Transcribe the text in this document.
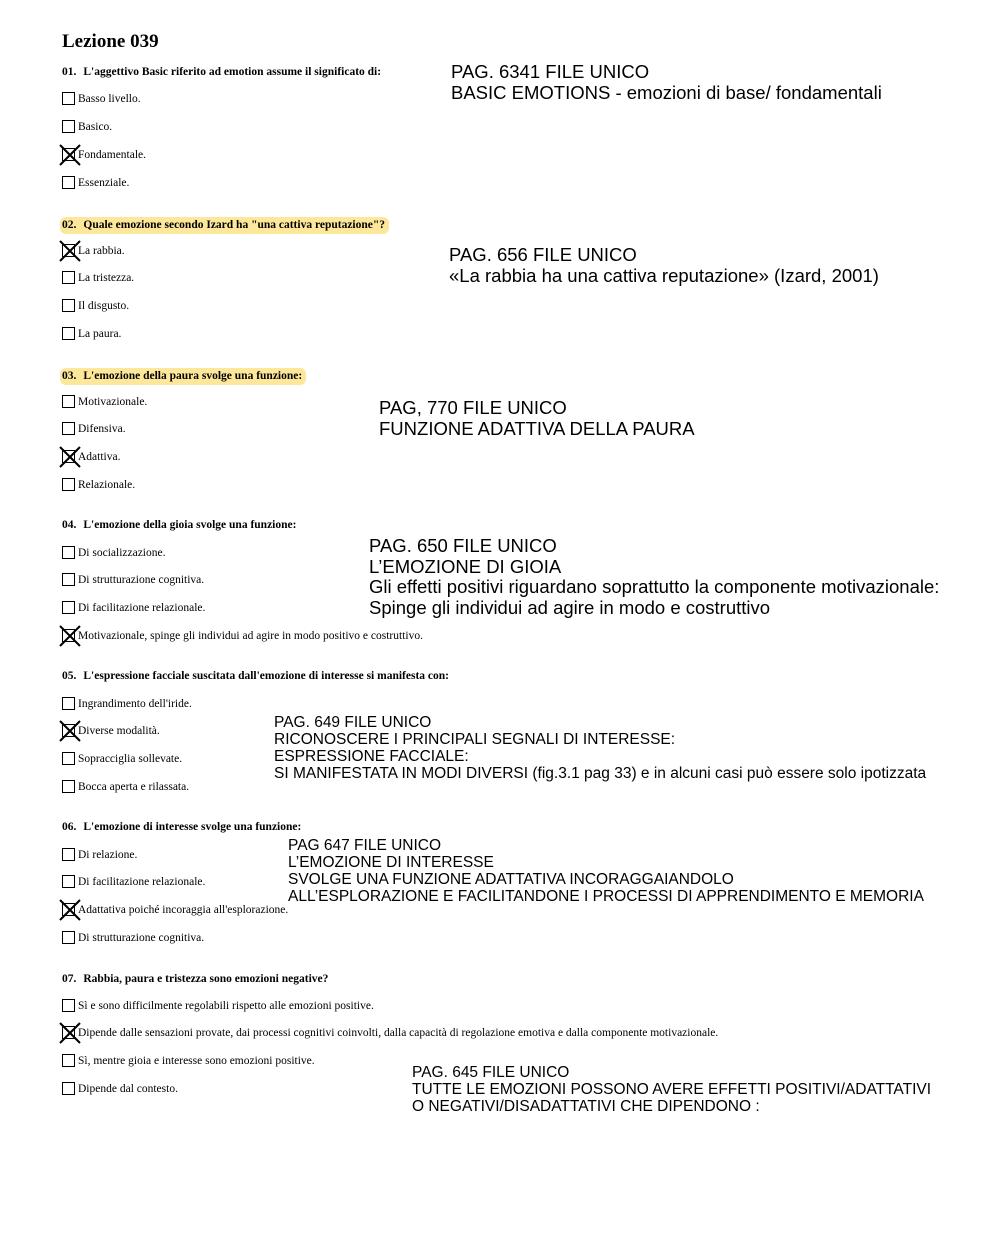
Lezione 039
01. L'aggettivo Basic riferito ad emotion assume il significato di:
Basso livello.
Basico.
Fondamentale.
Essenziale.
PAG. 6341 FILE UNICO
BASIC EMOTIONS - emozioni di base/ fondamentali
02. Quale emozione secondo Izard ha "una cattiva reputazione"?
La rabbia.
La tristezza.
Il disgusto.
La paura.
PAG. 656 FILE UNICO
«La rabbia ha una cattiva reputazione» (Izard, 2001)
03. L'emozione della paura svolge una funzione:
Motivazionale.
Difensiva.
Adattiva.
Relazionale.
PAG, 770 FILE UNICO
FUNZIONE ADATTIVA DELLA PAURA
04. L'emozione della gioia svolge una funzione:
Di socializzazione.
Di strutturazione cognitiva.
Di facilitazione relazionale.
Motivazionale, spinge gli individui ad agire in modo positivo e costruttivo.
PAG. 650 FILE UNICO
L’EMOZIONE DI GIOIA
Gli effetti positivi riguardano soprattutto la componente motivazionale:
Spinge gli individui ad agire in modo e costruttivo
05. L'espressione facciale suscitata dall'emozione di interesse si manifesta con:
Ingrandimento dell'iride.
Diverse modalità.
Sopracciglia sollevate.
Bocca aperta e rilassata.
PAG. 649 FILE UNICO
RICONOSCERE I PRINCIPALI SEGNALI DI INTERESSE:
ESPRESSIONE FACCIALE:
SI MANIFESTATA IN MODI DIVERSI (fig.3.1 pag 33) e in alcuni casi può essere solo ipotizzata
06. L'emozione di interesse svolge una funzione:
Di relazione.
Di facilitazione relazionale.
Adattativa poiché incoraggia all'esplorazione.
Di strutturazione cognitiva.
PAG 647 FILE UNICO
L’EMOZIONE DI INTERESSE
SVOLGE UNA FUNZIONE ADATTATIVA INCORAGGAIANDOLO
ALL’ESPLORAZIONE E FACILITANDONE I PROCESSI DI APPRENDIMENTO E MEMORIA
07. Rabbia, paura e tristezza sono emozioni negative?
Sì e sono difficilmente regolabili rispetto alle emozioni positive.
Dipende dalle sensazioni provate, dai processi cognitivi coinvolti, dalla capacità di regolazione emotiva e dalla componente motivazionale.
Sì, mentre gioia e interesse sono emozioni positive.
Dipende dal contesto.
PAG. 645 FILE UNICO
TUTTE LE EMOZIONI POSSONO AVERE EFFETTI POSITIVI/ADATTATIVI
O NEGATIVI/DISADATTATIVI CHE DIPENDONO :
